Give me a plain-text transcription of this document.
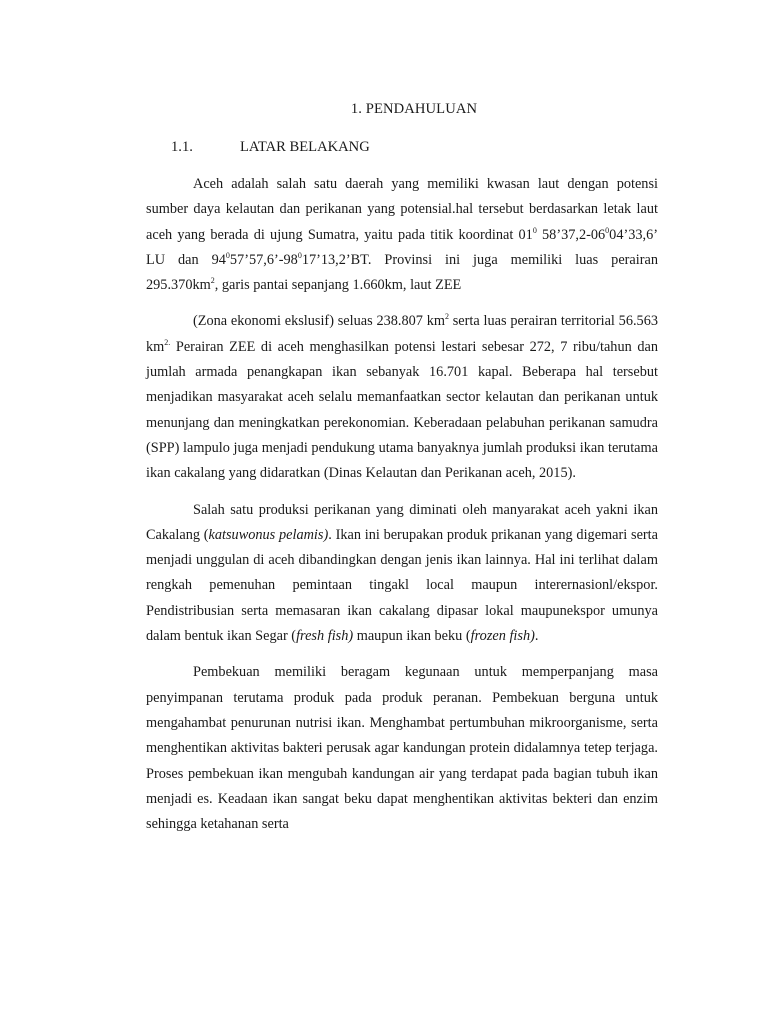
1. PENDAHULUAN
1.1.	LATAR BELAKANG

Aceh adalah salah satu daerah yang memiliki kwasan laut dengan potensi sumber daya kelautan dan perikanan yang potensial.hal tersebut berdasarkan letak laut aceh yang berada di ujung Sumatra, yaitu pada titik koordinat $01^0$ $58’37,2-06^004’33,6$’ LU dan $94^057’57,6’-98^017’13,2’BT$. Provinsi ini juga memiliki luas perairan $295.370km^2$, garis pantai sepanjang 1.660km, laut ZEE

(Zona ekonomi ekslusif) seluas 238.807 $km^2$ serta luas perairan territorial 56.563 $km^{2.}$ Perairan ZEE di aceh menghasilkan potensi lestari sebesar 272, 7 ribu/tahun dan jumlah armada penangkapan ikan sebanyak 16.701 kapal. Beberapa hal tersebut menjadikan masyarakat aceh selalu memanfaatkan sector kelautan dan perikanan untuk menunjang dan meningkatkan perekonomian. Keberadaan pelabuhan perikanan samudra (SPP) lampulo juga menjadi pendukung utama banyaknya jumlah produksi ikan terutama ikan cakalang yang didaratkan (Dinas Kelautan dan Perikanan aceh, 2015).

Salah satu produksi perikanan yang diminati oleh manyarakat aceh yakni ikan Cakalang (katsuwonus pelamis). Ikan ini berupakan produk prikanan yang digemari serta menjadi unggulan di aceh dibandingkan dengan jenis ikan lainnya. Hal ini terlihat dalam rengkah pemenuhan pemintaan tingakl local maupun interernasionl/ekspor. Pendistribusian serta memasaran ikan cakalang dipasar lokal maupunekspor umunya dalam bentuk ikan Segar (fresh fish) maupun ikan beku (frozen fish).

Pembekuan memiliki beragam kegunaan untuk memperpanjang masa penyimpanan terutama produk pada produk peranan. Pembekuan berguna untuk mengahambat penurunan nutrisi ikan. Menghambat pertumbuhan mikroorganisme, serta menghentikan aktivitas bakteri perusak agar kandungan protein didalamnya tetep terjaga. Proses pembekuan ikan mengubah kandungan air yang terdapat pada bagian tubuh ikan menjadi es. Keadaan ikan sangat beku dapat menghentikan aktivitas bekteri dan enzim sehingga ketahanan serta
